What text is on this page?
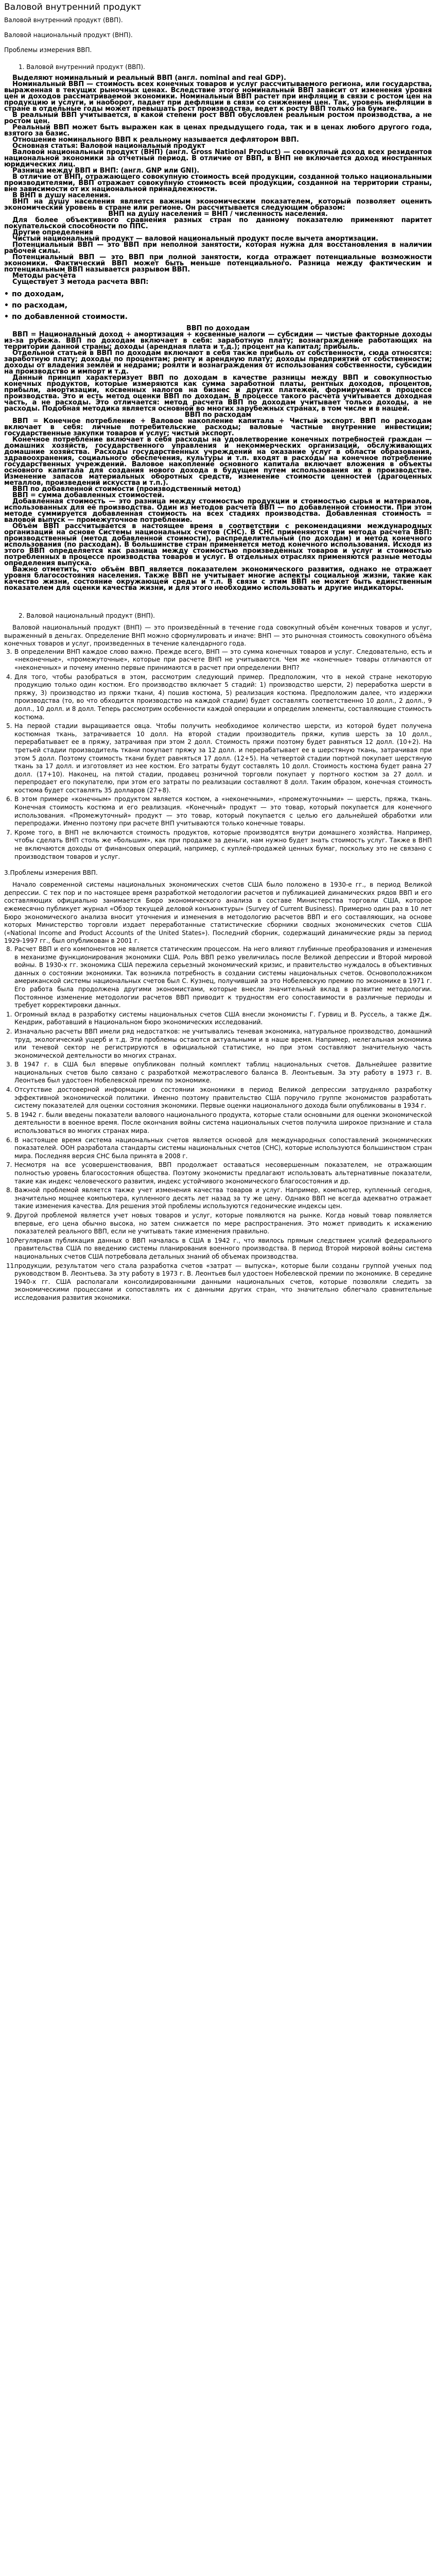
Валовой внутренний продукт

Валовой внутренний продукт (ВВП).

Валовой национальный продукт (ВНП).

Проблемы измерения ВВП.

1. Валовой внутренний продукт (ВВП).

Выделяют номинальный и реальный ВВП (англ. nominal and real GDP).

Номинальный ВВП — стоимость всех конечных товаров и услуг рассчитываемого региона, или государства, выраженная в текущих рыночных ценах. Вследствие этого номинальный ВВП зависит от изменения уровня цен и доходов рассматриваемой экономики. Номинальный ВВП растет при инфляции в связи с ростом цен на продукцию и услуги, и наоборот, падает при дефляции в связи со снижением цен. Так, уровень инфляции в стране в отдельные годы может превышать рост производства, ведет к росту ВВП только на бумаге.

В реальный ВВП учитывается, в какой степени рост ВВП обусловлен реальным ростом производства, а не ростом цен.

Реальный ВВП может быть выражен как в ценах предыдущего года, так и в ценах любого другого года, взятого за базис.

Отношение номинального ВВП к реальному называется дефлятором ВВП.

Основная статья: Валовой национальный продукт

Валовой национальный продукт (ВНП) (англ. Gross National Product) — совокупный доход всех резидентов национальной экономики за отчетный период. В отличие от ВВП, в ВНП не включается доход иностранных юридических лиц.

Разница между ВВП и ВНП: (англ. GNP или GNI).

В отличие от ВНП, отражающего совокупную стоимость всей продукции, созданной только национальными производителями, ВВП отражает совокупную стоимость всей продукции, созданной на территории страны, вне зависимости от их национальной принадлежности.

В ВНП в душу населения.

ВНП на душу населения является важным экономическим показателем, который позволяет оценить экономический уровень в стране или регионе. Он рассчитывается следующим образом:

ВНП на душу населения = ВНП / численность населения.

Для более объективного сравнения разных стран по данному показателю применяют паритет покупательской способности по ППС.

Другие определения

Чистый национальный продукт — валовой национальный продукт после вычета амортизации.

Потенциальный ВВП — это ВВП при неполной занятости, которая нужна для восстановления в наличии рабочей силы.

Потенциальный ВВП — это ВВП при полной занятости, когда отражает потенциальные возможности экономики. Фактический ВВП может быть меньше потенциального. Разница между фактическим и потенциальным ВВП называется разрывом ВВП.

Методы расчёта

Существует 3 метода расчета ВВП:

• по доходам,
• по расходам,
• по добавленной стоимости.

ВВП по доходам

ВВП = Национальный доход + амортизация + косвенные налоги — субсидии — чистые факторные доходы из-за рубежа. ВВП по доходам включает в себя: заработную плату; вознаграждение работающих на территории данной страны; доходы (арендная плата и т.д.); процент на капитал; прибыль.

Отдельной статьей в ВВП по доходам включают в себя также прибыль от собственности, сюда относятся: заработную плату; доходы по процентам; ренту и арендную плату; доходы предприятий от собственности; доходы от владения землёй и недрами; роялти и вознаграждения от использования собственности, субсидии на производство и импорт и т.д.

Данный принцип характеризует ВВП по доходам в качестве разницы между ВВП и совокупностью конечных продуктов, которые измеряются как сумма заработной платы, рентных доходов, процентов, прибыли, амортизации, косвенных налогов на бизнес и других платежей, формируемых в процессе производства. Это и есть метод оценки ВВП по доходам. В процессе такого расчета учитывается доходная часть, а не расходы. Это отличается: метод расчета ВВП по доходам учитывает только доходы, а не расходы. Подобная методика является основной во многих зарубежных странах, в том числе и в нашей.

ВВП по расходам

ВВП = Конечное потребление + Валовое накопление капитала + Чистый экспорт. ВВП по расходам включает в себя: личные потребительские расходы; валовые частные внутренние инвестиции; государственные закупки товаров и услуг; чистый экспорт.

Конечное потребление включает в себя расходы на удовлетворение конечных потребностей граждан — домашних хозяйств, государственного управления и некоммерческих организаций, обслуживающих домашние хозяйства. Расходы государственных учреждений на оказание услуг в области образования, здравоохранения, социального обеспечения, культуры и т.п. входят в расходы на конечное потребление государственных учреждений. Валовое накопление основного капитала включает вложения в объекты основного капитала для создания нового дохода в будущем путем использования их в производстве. Изменение запасов материальных оборотных средств, изменение стоимости ценностей (драгоценных металлов, произведений искусства и т.п.).

ВВП по добавленной стоимости (производственный метод)

ВВП = сумма добавленных стоимостей.

Добавленная стоимость — это разница между стоимостью продукции и стоимостью сырья и материалов, использованных для её производства. Один из методов расчета ВВП — по добавленной стоимости. При этом методе суммируется добавленная стоимость на всех стадиях производства. Добавленная стоимость = валовой выпуск — промежуточное потребление.

Объём ВВП рассчитывается в настоящее время в соответствии с рекомендациями международных организаций на основе Системы национальных счетов (СНС). В СНС применяются три метода расчета ВВП: производственный (метод добавленной стоимости), распределительный (по доходам) и метод конечного использования (по расходам). В большинстве стран применяется метод конечного использования. Исходя из этого ВВП определяется как разница между стоимостью произведённых товаров и услуг и стоимостью потребленных в процессе производства товаров и услуг. В отдельных отраслях применяются разные методы определения выпуска.

Важно отметить, что объём ВВП является показателем экономического развития, однако не отражает уровня благосостояния населения. Также ВВП не учитывает многие аспекты социальной жизни, такие как качество жизни, состояние окружающей среды и т.п. В связи с этим ВВП не может быть единственным показателем для оценки качества жизни, и для этого необходимо использовать и другие индикаторы.

2. Валовой национальный продукт (ВНП).

Валовой национальный продукт (ВНП) — это произведённый в течение года совокупный объём конечных товаров и услуг, выраженный в деньгах. Определение ВНП можно сформулировать и иначе: ВНП — это рыночная стоимость совокупного объёма конечных товаров и услуг, произведенных в течение календарного года.

3. В определении ВНП каждое слово важно. Прежде всего, ВНП — это сумма конечных товаров и услуг. Следовательно, есть и «неконечные», «промежуточные», которые при расчете ВНП не учитываются. Чем же «конечные» товары отличаются от «неконечных» и почему именно первые принимаются в расчет при определении ВНП?
4. Для того, чтобы разобраться в этом, рассмотрим следующий пример. Предположим, что в некой стране некоторую продукцию только один костюм. Его производство включает 5 стадий: 1) производство шерсти, 2) переработка шерсти в пряжу, 3) производство из пряжи ткани, 4) пошив костюма, 5) реализация костюма. Предположим далее, что издержки производства (то, во что обходится производство на каждой стадии) будет составлять соответственно 10 долл., 2 долл., 9 долл., 10 долл. и 8 долл. Теперь рассмотрим особенности каждой операции и определим элементы, составляющие стоимость костюма.
5. На первой стадии выращивается овца. Чтобы получить необходимое количество шерсти, из которой будет получена костюмная ткань, затрачивается 10 долл. На второй стадии производитель пряжи, купив шерсть за 10 долл., перерабатывает ее в пряжу, затрачивая при этом 2 долл. Стоимость пряжи поэтому будет равняться 12 долл. (10+2). На третьей стадии производитель ткани покупает пряжу за 12 долл. и перерабатывает ее в шерстяную ткань, затрачивая при этом 5 долл. Поэтому стоимость ткани будет равняться 17 долл. (12+5). На четвертой стадии портной покупает шерстяную ткань за 17 долл. и изготовляет из нее костюм. Его затраты будут составлять 10 долл. Стоимость костюма будет равна 27 долл. (17+10). Наконец, на пятой стадии, продавец розничной торговли покупает у портного костюм за 27 долл. и перепродает его покупателю, при этом его затраты по реализации составляют 8 долл. Таким образом, конечная стоимость костюма будет составлять 35 долларов (27+8).
6. В этом примере «конечным» продуктом является костюм, а «неконечными», «промежуточными» — шерсть, пряжа, ткань. Конечная стоимость костюма и его реализация. «Конечный» продукт — это товар, который покупается для конечного использования. «Промежуточный» продукт — это товар, который покупается с целью его дальнейшей обработки или перепродажи. Именно поэтому при расчете ВНП учитываются только конечные товары.
7. Кроме того, в ВНП не включаются стоимость продуктов, которые производятся внутри домашнего хозяйства. Например, чтобы сделать ВНП столь же «большим», как при продаже за деньги, нам нужно будет знать стоимость услуг. Также в ВНП не включаются доходы от финансовых операций, например, с куплей-продажей ценных бумаг, поскольку это не связано с производством товаров и услуг.
3.Проблемы измерения ВВП.

Начало современной системы национальных экономических счетов США было положено в 1930-е гг., в период Великой депрессии. С тех пор и по настоящее время разработкой методологии расчетов и публикацией динамических рядов ВВП и его составляющих официально занимается Бюро экономического анализа в составе Министерства торговли США, которое ежемесячно публикует журнал «Обзор текущей деловой конъюнктуры» (Survey of Current Business). Примерно один раз в 10 лет Бюро экономического анализа вносит уточнения и изменения в методологию расчетов ВВП и его составляющих, на основе которых Министерство торговли издает переработанные статистические сборники сводных экономических счетов США («National Income and Product Accounts of the United States»). Последний сборник, содержащий динамические ряды за период 1929-1997 гг., был опубликован в 2001 г.

8. Расчет ВВП и его компонентов не является статическим процессом. На него влияют глубинные преобразования и изменения в механизме функционирования экономики США. Роль ВВП резко увеличилась после Великой депрессии и Второй мировой войны. В 1930-х гг. экономика США пережила серьезный экономический кризис, и правительство нуждалось в объективных данных о состоянии экономики. Так возникла потребность в создании системы национальных счетов. Основоположником американской системы национальных счетов был С. Кузнец, получивший за это Нобелевскую премию по экономике в 1971 г. Его работа была продолжена другими экономистами, которые внесли значительный вклад в развитие методологии. Постоянное изменение методологии расчетов ВВП приводит к трудностям его сопоставимости в различные периоды и требует корректировки данных.
1. Огромный вклад в разработку системы национальных счетов США внесли экономисты Г. Гурвиц и В. Руссель, а также Дж. Кендрик, работавший в Национальном бюро экономических исследований.
2. Изначально расчеты ВВП имели ряд недостатков: не учитывались теневая экономика, натуральное производство, домашний труд, экологический ущерб и т.д. Эти проблемы остаются актуальными и в наше время. Например, нелегальная экономика или теневой сектор не регистрируются в официальной статистике, но при этом составляют значительную часть экономической деятельности во многих странах.
3. В 1947 г. в США был впервые опубликован полный комплект таблиц национальных счетов. Дальнейшее развитие национальных счетов было связано с разработкой межотраслевого баланса В. Леонтьевым. За эту работу в 1973 г. В. Леонтьев был удостоен Нобелевской премии по экономике.
4. Отсутствие достоверной информации о состоянии экономики в период Великой депрессии затрудняло разработку эффективной экономической политики. Именно поэтому правительство США поручило группе экономистов разработать систему показателей для оценки состояния экономики. Первые оценки национального дохода были опубликованы в 1934 г.
5. В 1942 г. были введены показатели валового национального продукта, которые стали основными для оценки экономической деятельности в военное время. После окончания войны система национальных счетов получила широкое признание и стала использоваться во многих странах мира.
6. В настоящее время система национальных счетов является основой для международных сопоставлений экономических показателей. ООН разработала стандарты системы национальных счетов (СНС), которые используются большинством стран мира. Последняя версия СНС была принята в 2008 г.
7. Несмотря на все усовершенствования, ВВП продолжает оставаться несовершенным показателем, не отражающим полностью уровень благосостояния общества. Поэтому экономисты предлагают использовать альтернативные показатели, такие как индекс человеческого развития, индекс устойчивого экономического благосостояния и др.
8. Важной проблемой является также учет изменения качества товаров и услуг. Например, компьютер, купленный сегодня, значительно мощнее компьютера, купленного десять лет назад за ту же цену. Однако ВВП не всегда адекватно отражает такие изменения качества. Для решения этой проблемы используются гедонические индексы цен.
9. Другой проблемой является учет новых товаров и услуг, которые появляются на рынке. Когда новый товар появляется впервые, его цена обычно высока, но затем снижается по мере распространения. Это может приводить к искажению показателей реального ВВП, если не учитывать такие изменения правильно.
10.Регулярная публикация данных о ВВП началась в США в 1942 г., что явилось прямым следствием усилий федерального правительства США по введению системы планирования военного производства. В период Второй мировой войны система национальных счетов США потребовала детальных знаний об объемах производства.
11.продукции, результатом чего стала разработка счетов «затрат — выпуска», которые были созданы группой ученых под руководством В. Леонтьева. За эту работу в 1973 г. В. Леонтьев был удостоен Нобелевской премии по экономике. В середине 1940-х гг. США располагали консолидированными данными национальных счетов, которые позволяли следить за экономическими процессами и сопоставлять их с данными других стран, что значительно облегчало сравнительные исследования развития экономики.
